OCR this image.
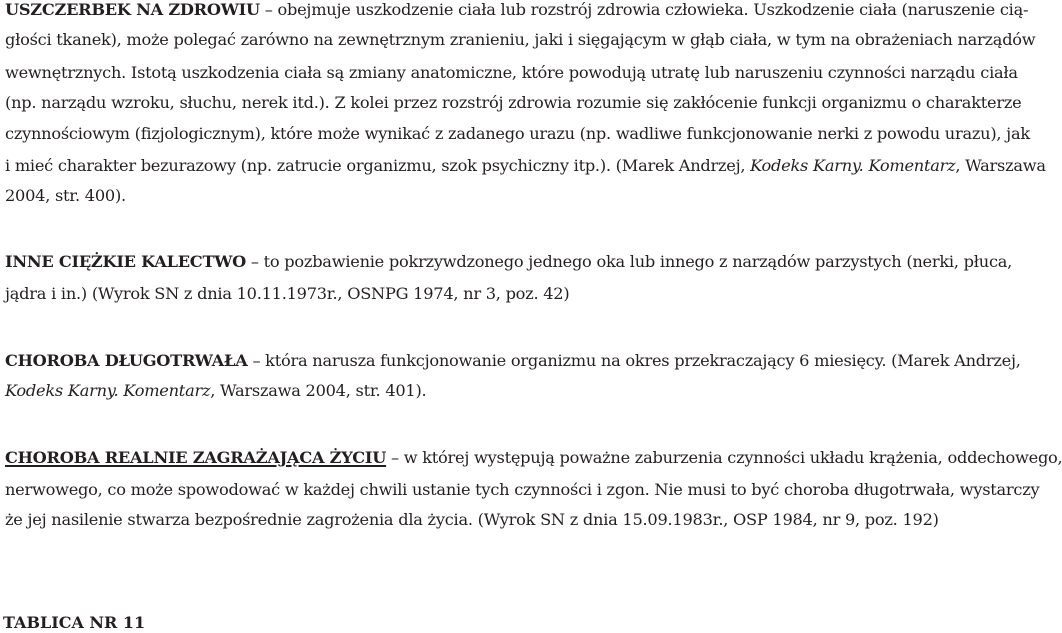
USZCZERBEK NA ZDROWIU – obejmuje uszkodzenie ciała lub rozstrój zdrowia człowieka. Uszkodzenie ciała (naruszenie cią-
głości tkanek), może polegać zarówno na zewnętrznym zranieniu, jaki i sięgającym w głąb ciała, w tym na obrażeniach narządów
wewnętrznych. Istotą uszkodzenia ciała są zmiany anatomiczne, które powodują utratę lub naruszeniu czynności narządu ciała
(np. narządu wzroku, słuchu, nerek itd.). Z kolei przez rozstrój zdrowia rozumie się zakłócenie funkcji organizmu o charakterze
czynnościowym (fizjologicznym), które może wynikać z zadanego urazu (np. wadliwe funkcjonowanie nerki z powodu urazu), jak
i mieć charakter bezurazowy (np. zatrucie organizmu, szok psychiczny itp.). (Marek Andrzej, Kodeks Karny. Komentarz, Warszawa
2004, str. 400).
INNE CIĘŻKIE KALECTWO – to pozbawienie pokrzywdzonego jednego oka lub innego z narządów parzystych (nerki, płuca,
jądra i in.) (Wyrok SN z dnia 10.11.1973r., OSNPG 1974, nr 3, poz. 42)
CHOROBA DŁUGOTRWAŁA – która narusza funkcjonowanie organizmu na okres przekraczający 6 miesięcy. (Marek Andrzej,
Kodeks Karny. Komentarz, Warszawa 2004, str. 401).
CHOROBA REALNIE ZAGRAŻAJĄCA ŻYCIU – w której występują poważne zaburzenia czynności układu krążenia, oddechowego,
nerwowego, co może spowodować w każdej chwili ustanie tych czynności i zgon. Nie musi to być choroba długotrwała, wystarczy
że jej nasilenie stwarza bezpośrednie zagrożenia dla życia. (Wyrok SN z dnia 15.09.1983r., OSP 1984, nr 9, poz. 192)
TABLICA NR 11
